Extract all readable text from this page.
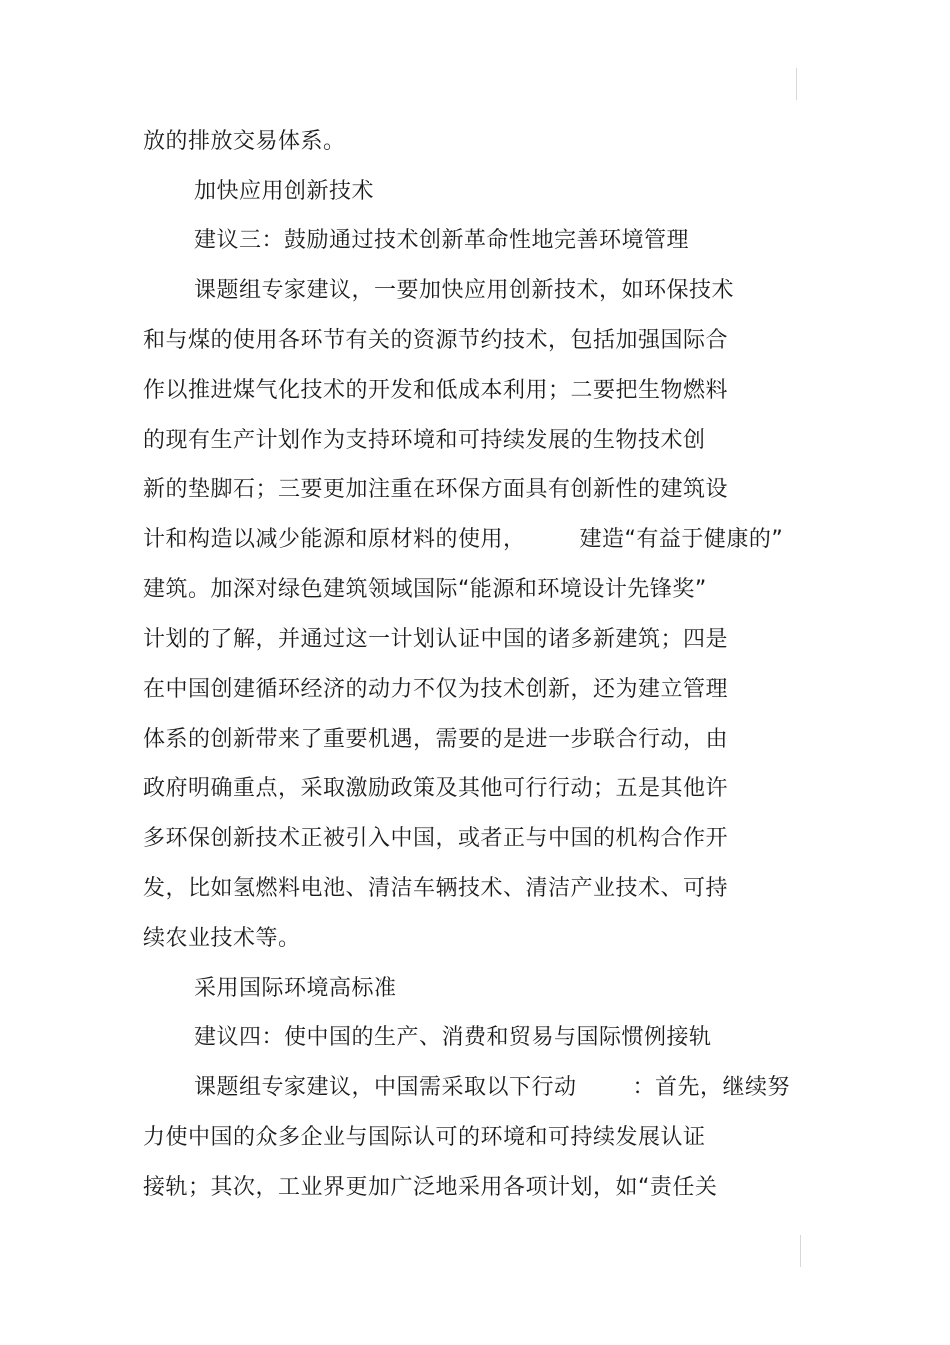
放的排放交易体系。
加快应用创新技术
建议三：鼓励通过技术创新革命性地完善环境管理
课题组专家建议，一要加快应用创新技术，如环保技术
和与煤的使用各环节有关的资源节约技术，包括加强国际合
作以推进煤气化技术的开发和低成本利用；二要把生物燃料
的现有生产计划作为支持环境和可持续发展的生物技术创
新的垫脚石；三要更加注重在环保方面具有创新性的建筑设
计和构造以减少能源和原材料的使用， 建造“有益于健康的”
建筑。加深对绿色建筑领域国际“能源和环境设计先锋奖”
计划的了解，并通过这一计划认证中国的诸多新建筑；四是
在中国创建循环经济的动力不仅为技术创新，还为建立管理
体系的创新带来了重要机遇，需要的是进一步联合行动，由
政府明确重点，采取激励政策及其他可行行动；五是其他许
多环保创新技术正被引入中国，或者正与中国的机构合作开
发，比如氢燃料电池、清洁车辆技术、清洁产业技术、可持
续农业技术等。
采用国际环境高标准
建议四：使中国的生产、消费和贸易与国际惯例接轨
课题组专家建议，中国需采取以下行动	：首先，继续努
力使中国的众多企业与国际认可的环境和可持续发展认证
接轨；其次，工业界更加广泛地采用各项计划，如“责任关
